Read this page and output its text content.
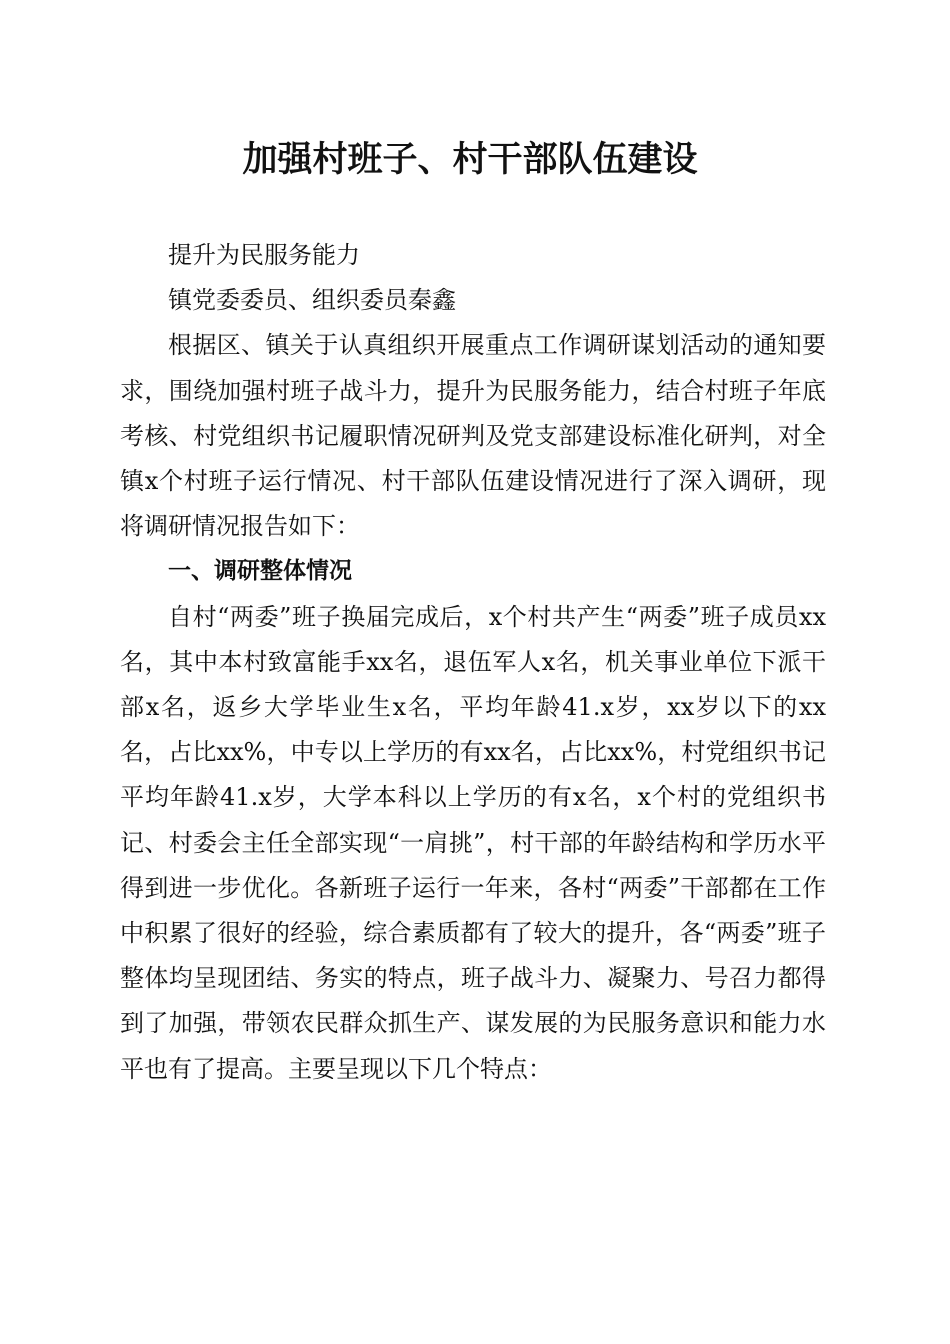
加强村班子、村干部队伍建设

提升为民服务能力

镇党委委员、组织委员秦鑫

根据区、镇关于认真组织开展重点工作调研谋划活动的通知要求，围绕加强村班子战斗力，提升为民服务能力，结合村班子年底考核、村党组织书记履职情况研判及党支部建设标准化研判，对全镇x个村班子运行情况、村干部队伍建设情况进行了深入调研，现将调研情况报告如下：

一、调研整体情况

自村“两委”班子换届完成后，x个村共产生“两委”班子成员xx名，其中本村致富能手xx名，退伍军人x名，机关事业单位下派干部x名，返乡大学毕业生x名，平均年龄41.x岁，xx岁以下的xx名，占比xx%，中专以上学历的有xx名，占比xx%，村党组织书记平均年龄41.x岁，大学本科以上学历的有x名，x个村的党组织书记、村委会主任全部实现“一肩挑”，村干部的年龄结构和学历水平得到进一步优化。各新班子运行一年来，各村“两委”干部都在工作中积累了很好的经验，综合素质都有了较大的提升，各“两委”班子整体均呈现团结、务实的特点，班子战斗力、凝聚力、号召力都得到了加强，带领农民群众抓生产、谋发展的为民服务意识和能力水平也有了提高。主要呈现以下几个特点：
